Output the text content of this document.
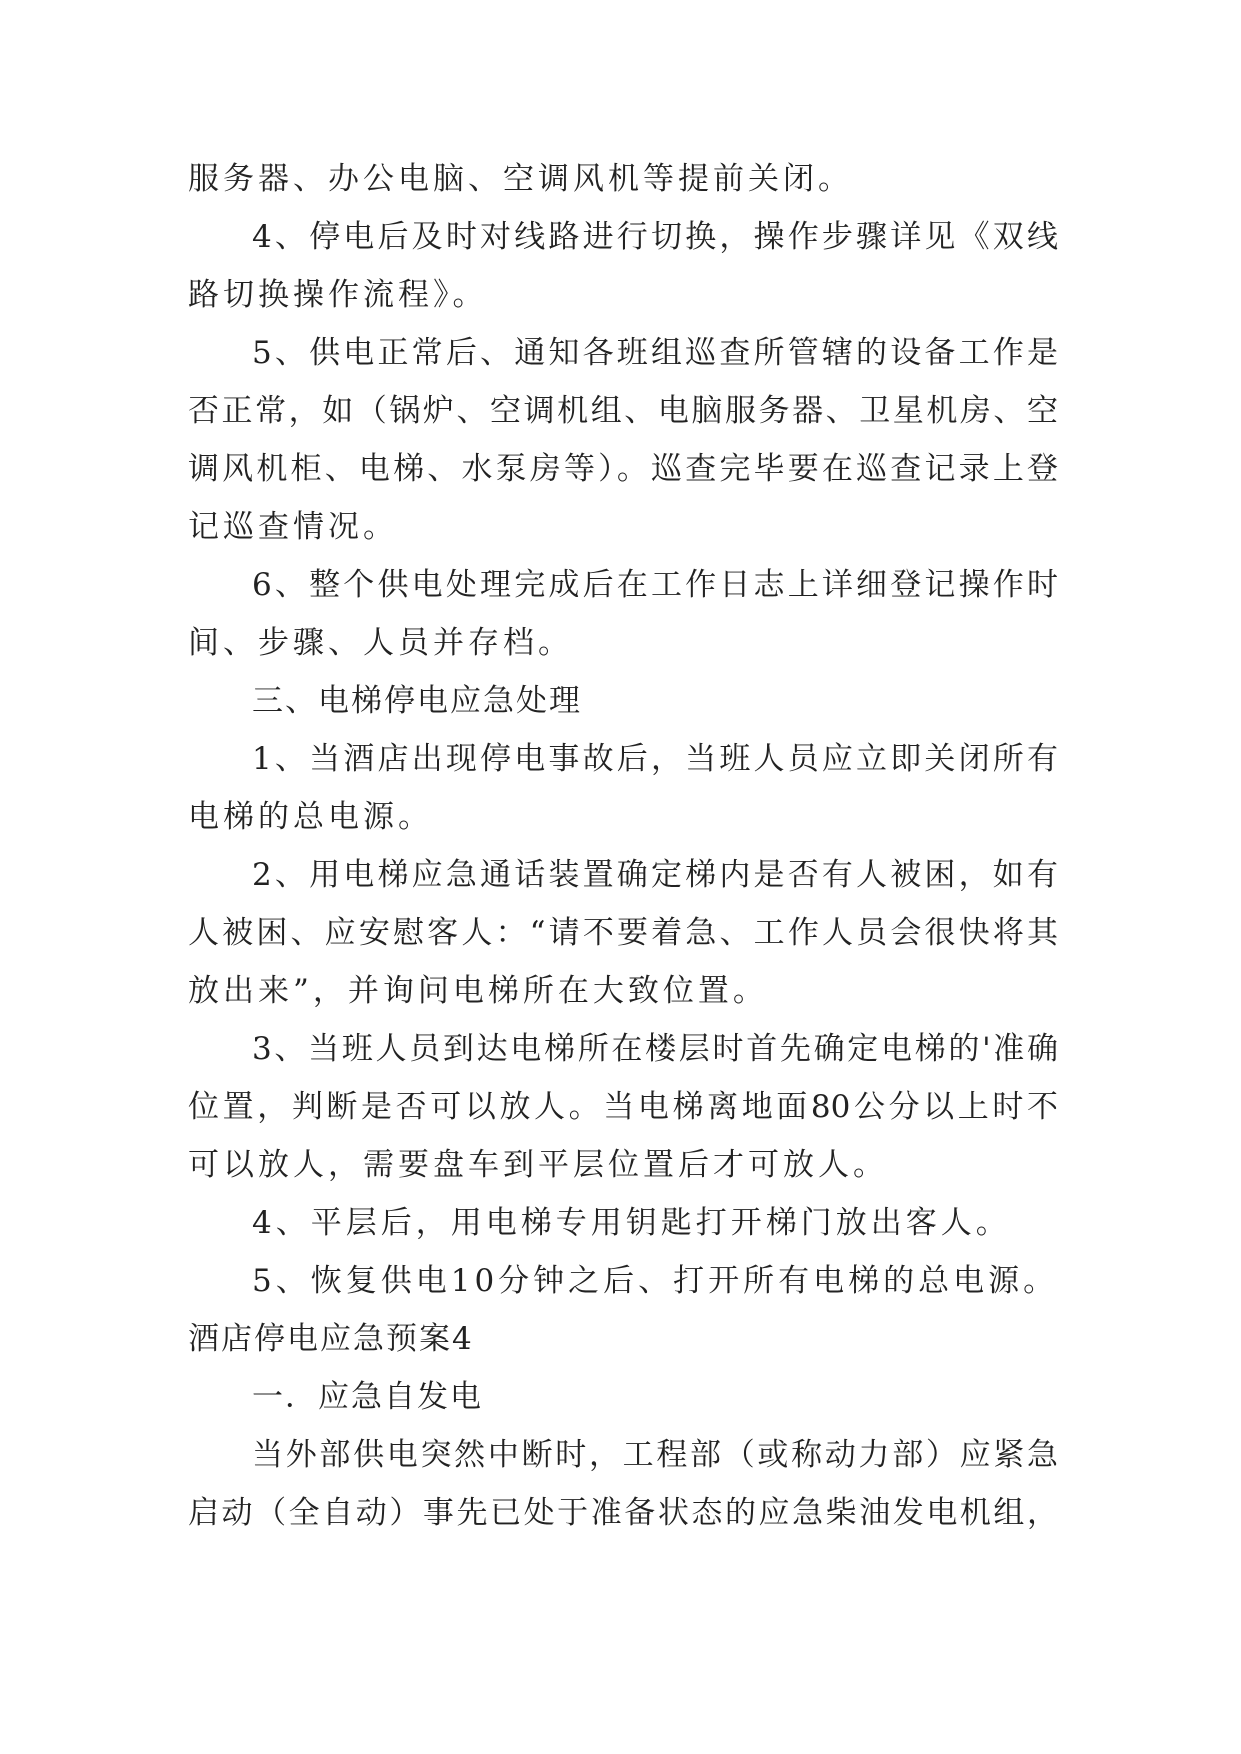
服务器、办公电脑、空调风机等提前关闭。
4、停电后及时对线路进行切换，操作步骤详见《双线
路切换操作流程》。
5、供电正常后、通知各班组巡查所管辖的设备工作是
否正常，如（锅炉、空调机组、电脑服务器、卫星机房、空
调风机柜、电梯、水泵房等）。巡查完毕要在巡查记录上登
记巡查情况。
6、整个供电处理完成后在工作日志上详细登记操作时
间、步骤、人员并存档。
三、电梯停电应急处理
1、当酒店出现停电事故后，当班人员应立即关闭所有
电梯的总电源。
2、用电梯应急通话装置确定梯内是否有人被困，如有
人被困、应安慰客人：“请不要着急、工作人员会很快将其
放出来”，并询问电梯所在大致位置。
3、当班人员到达电梯所在楼层时首先确定电梯的'准确
位置，判断是否可以放人。当电梯离地面80公分以上时不
可以放人，需要盘车到平层位置后才可放人。
4、平层后，用电梯专用钥匙打开梯门放出客人。
5、恢复供电10分钟之后、打开所有电梯的总电源。
酒店停电应急预案4
一．应急自发电
当外部供电突然中断时，工程部（或称动力部）应紧急
启动（全自动）事先已处于准备状态的应急柴油发电机组，
